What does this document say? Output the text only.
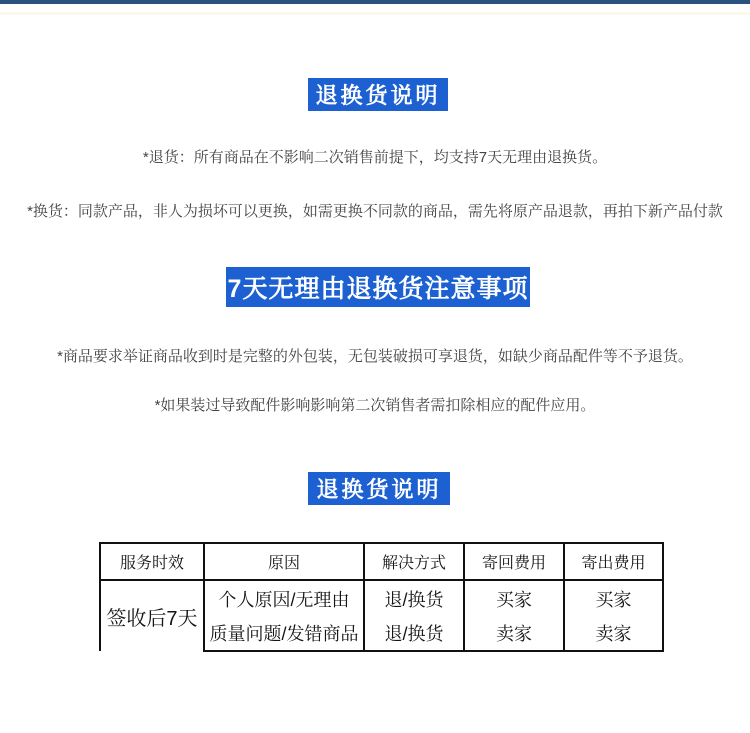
退换货说明

*退货：所有商品在不影响二次销售前提下，均支持7天无理由退换货。

*换货：同款产品，非人为损坏可以更换，如需更换不同款的商品，需先将原产品退款，再拍下新产品付款

7天无理由退换货注意事项

*商品要求举证商品收到时是完整的外包装，无包装破损可享退货，如缺少商品配件等不予退货。

*如果装过导致配件影响影响第二次销售者需扣除相应的配件应用。

退换货说明
服务时效	原因	解决方式	寄回费用	寄出费用
签收后7天	个人原因/无理由	退/换货	买家	买家
	质量问题/发错商品	退/换货	卖家	卖家
